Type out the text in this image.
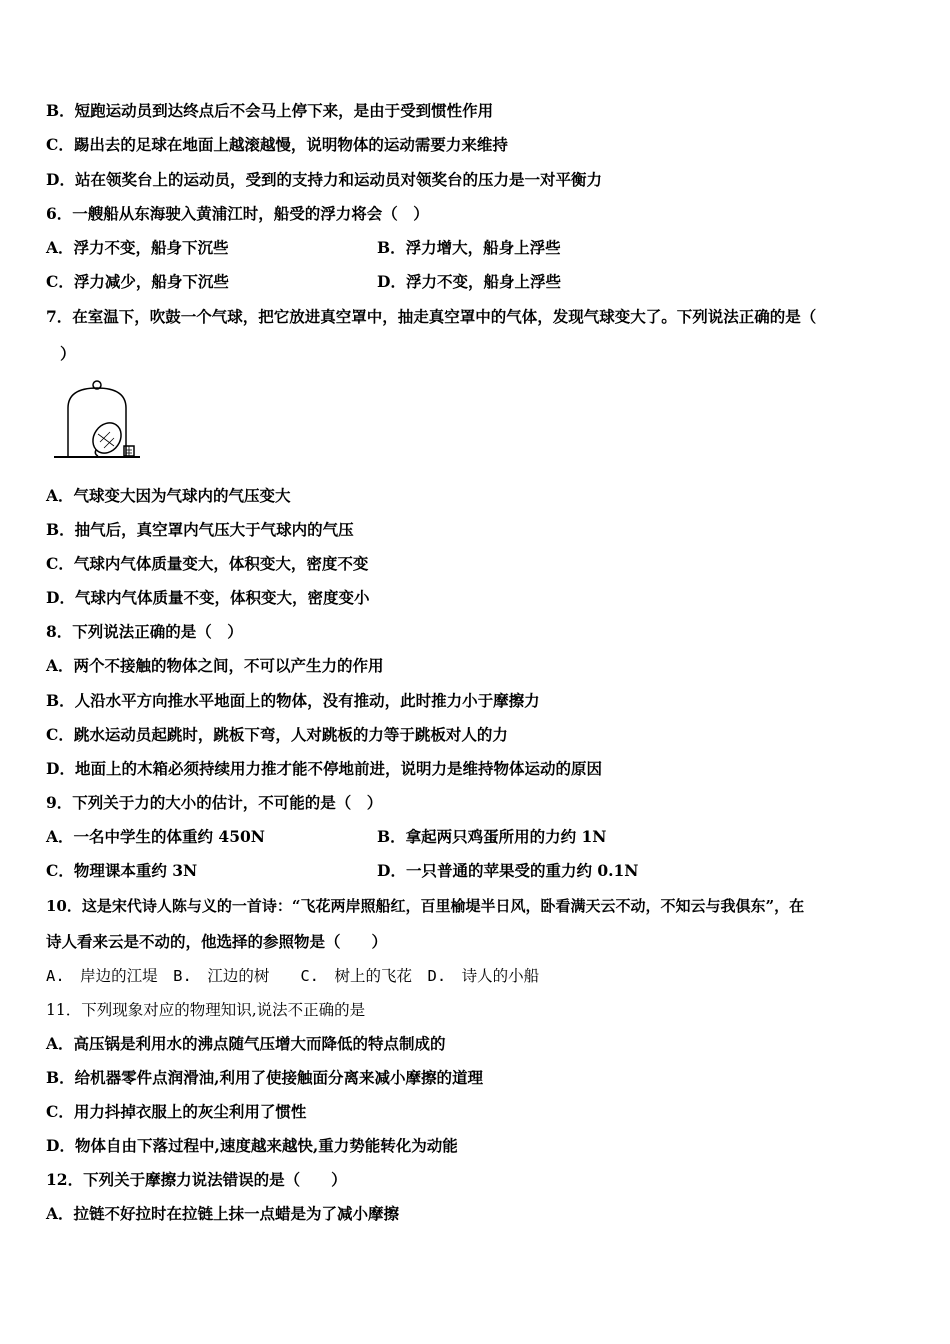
B．短跑运动员到达终点后不会马上停下来，是由于受到惯性作用
C．踢出去的足球在地面上越滚越慢，说明物体的运动需要力来维持
D．站在领奖台上的运动员，受到的支持力和运动员对领奖台的压力是一对平衡力
6．一艘船从东海驶入黄浦江时，船受的浮力将会（　）
A．浮力不变，船身下沉些	B．浮力增大，船身上浮些
C．浮力减少，船身下沉些	D．浮力不变，船身上浮些
7．在室温下，吹鼓一个气球，把它放进真空罩中，抽走真空罩中的气体，发现气球变大了。下列说法正确的是（
）
A．气球变大因为气球内的气压变大
B．抽气后，真空罩内气压大于气球内的气压
C．气球内气体质量变大，体积变大，密度不变
D．气球内气体质量不变，体积变大，密度变小
8．下列说法正确的是（　）
A．两个不接触的物体之间，不可以产生力的作用
B．人沿水平方向推水平地面上的物体，没有推动，此时推力小于摩擦力
C．跳水运动员起跳时，跳板下弯，人对跳板的力等于跳板对人的力
D．地面上的木箱必须持续用力推才能不停地前进，说明力是维持物体运动的原因
9．下列关于力的大小的估计，不可能的是（　）
A．一名中学生的体重约 450N	B．拿起两只鸡蛋所用的力约 1N
C．物理课本重约 3N	D．一只普通的苹果受的重力约 0.1N
10．这是宋代诗人陈与义的一首诗：“飞花两岸照船红，百里榆堤半日风，卧看满天云不动，不知云与我俱东”，在
诗人看来云是不动的，他选择的参照物是（　　）
A.　岸边的江堤　B.　江边的树　　C.　树上的飞花　D.　诗人的小船
11．下列现象对应的物理知识,说法不正确的是
A．高压锅是利用水的沸点随气压增大而降低的特点制成的
B．给机器零件点润滑油,利用了使接触面分离来减小摩擦的道理
C．用力抖掉衣服上的灰尘利用了惯性
D．物体自由下落过程中,速度越来越快,重力势能转化为动能
12．下列关于摩擦力说法错误的是（　　）
A．拉链不好拉时在拉链上抹一点蜡是为了减小摩擦
